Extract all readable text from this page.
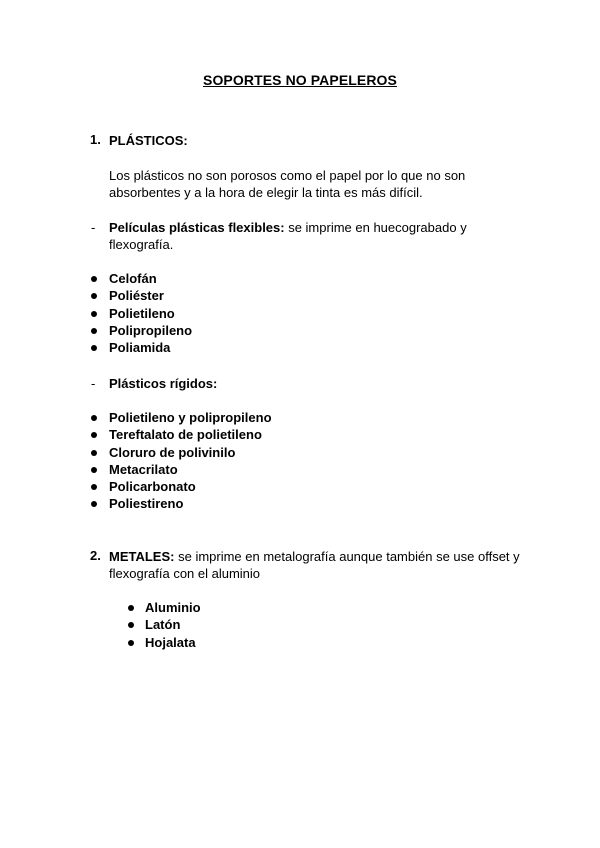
SOPORTES NO PAPELEROS
1. PLÁSTICOS:
Los plásticos no son porosos como el papel por lo que no son
absorbentes y a la hora de elegir la tinta es más difícil.
- Películas plásticas flexibles: se imprime en huecograbado y
flexografía.
Celofán
Poliéster
Polietileno
Polipropileno
Poliamida
- Plásticos rígidos:
Polietileno y polipropileno
Tereftalato de polietileno
Cloruro de polivinilo
Metacrilato
Policarbonato
Poliestireno
2. METALES: se imprime en metalografía aunque también se use offset y
flexografía con el aluminio
Aluminio
Latón
Hojalata
